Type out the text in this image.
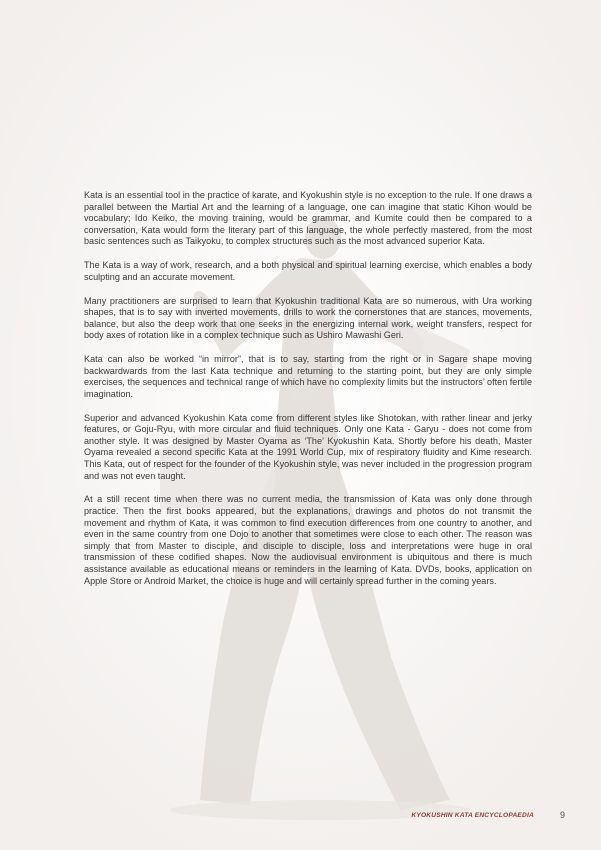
Kata is an essential tool in the practice of karate, and Kyokushin style is no exception to the rule. If one draws a parallel between the Martial Art and the learning of a language, one can imagine that static Kihon would be vocabulary; Ido Keiko, the moving training, would be grammar, and Kumite could then be compared to a conversation, Kata would form the literary part of this language, the whole perfectly mastered, from the most basic sentences such as Taikyoku, to complex structures such as the most advanced superior Kata.

The Kata is a way of work, research, and a both physical and spiritual learning exercise, which enables a body sculpting and an accurate movement.

Many practitioners are surprised to learn that Kyokushin traditional Kata are so numerous, with Ura working shapes, that is to say with inverted movements, drills to work the cornerstones that are stances, movements, balance, but also the deep work that one seeks in the energizing internal work, weight transfers, respect for body axes of rotation like in a complex technique such as Ushiro Mawashi Geri.

Kata can also be worked “in mirror”, that is to say, starting from the right or in Sagare shape moving backwardwards from the last Kata technique and returning to the starting point, but they are only simple exercises, the sequences and technical range of which have no complexity limits but the instructors’ often fertile imagination.

Superior and advanced Kyokushin Kata come from different styles like Shotokan, with rather linear and jerky features, or Goju-Ryu, with more circular and fluid techniques. Only one Kata - Garyu - does not come from another style. It was designed by Master Oyama as ‘The’ Kyokushin Kata. Shortly before his death, Master Oyama revealed a second specific Kata at the 1991 World Cup, mix of respiratory fluidity and Kime research. This Kata, out of respect for the founder of the Kyokushin style, was never included in the progression program and was not even taught.

At a still recent time when there was no current media, the transmission of Kata was only done through practice. Then the first books appeared, but the explanations, drawings and photos do not transmit the movement and rhythm of Kata, it was common to find execution differences from one country to another, and even in the same country from one Dojo to another that sometimes were close to each other. The reason was simply that from Master to disciple, and disciple to disciple, loss and interpretations were huge in oral transmission of these codified shapes. Now the audiovisual environment is ubiquitous and there is much assistance available as educational means or reminders in the learning of Kata. DVDs, books, application on Apple Store or Android Market, the choice is huge and will certainly spread further in the coming years.

KYOKUSHIN KATA ENCYCLOPAEDIA	9
